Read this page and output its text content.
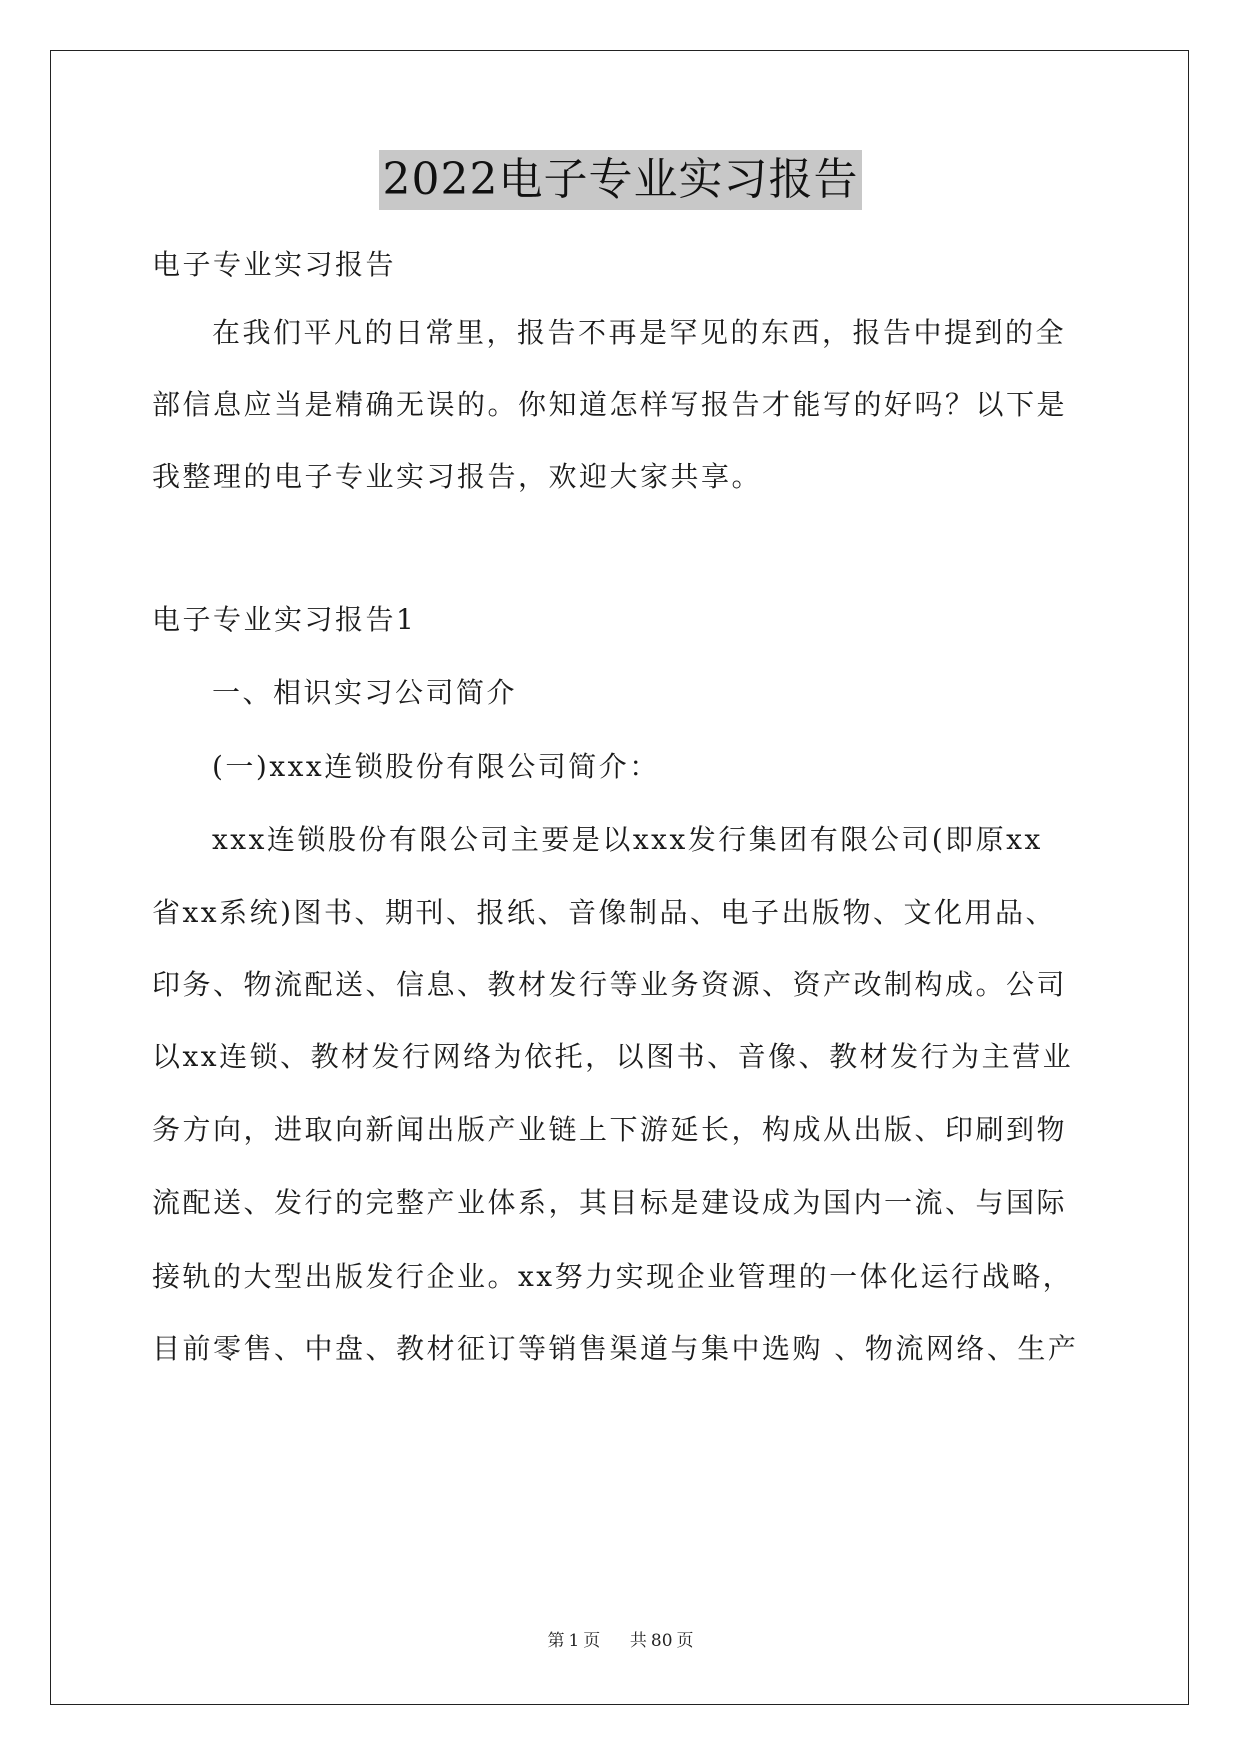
2022电子专业实习报告
电子专业实习报告
在我们平凡的日常里，报告不再是罕见的东西，报告中提到的全
部信息应当是精确无误的。你知道怎样写报告才能写的好吗？以下是
我整理的电子专业实习报告，欢迎大家共享。
电子专业实习报告1
一、相识实习公司简介
(一)xxx连锁股份有限公司简介：
xxx连锁股份有限公司主要是以xxx发行集团有限公司(即原xx
省xx系统)图书、期刊、报纸、音像制品、电子出版物、文化用品、
印务、物流配送、信息、教材发行等业务资源、资产改制构成。公司
以xx连锁、教材发行网络为依托，以图书、音像、教材发行为主营业
务方向，进取向新闻出版产业链上下游延长，构成从出版、印刷到物
流配送、发行的完整产业体系，其目标是建设成为国内一流、与国际
接轨的大型出版发行企业。xx努力实现企业管理的一体化运行战略，
目前零售、中盘、教材征订等销售渠道与集中选购 、物流网络、生产
第 1 页 共 80 页
